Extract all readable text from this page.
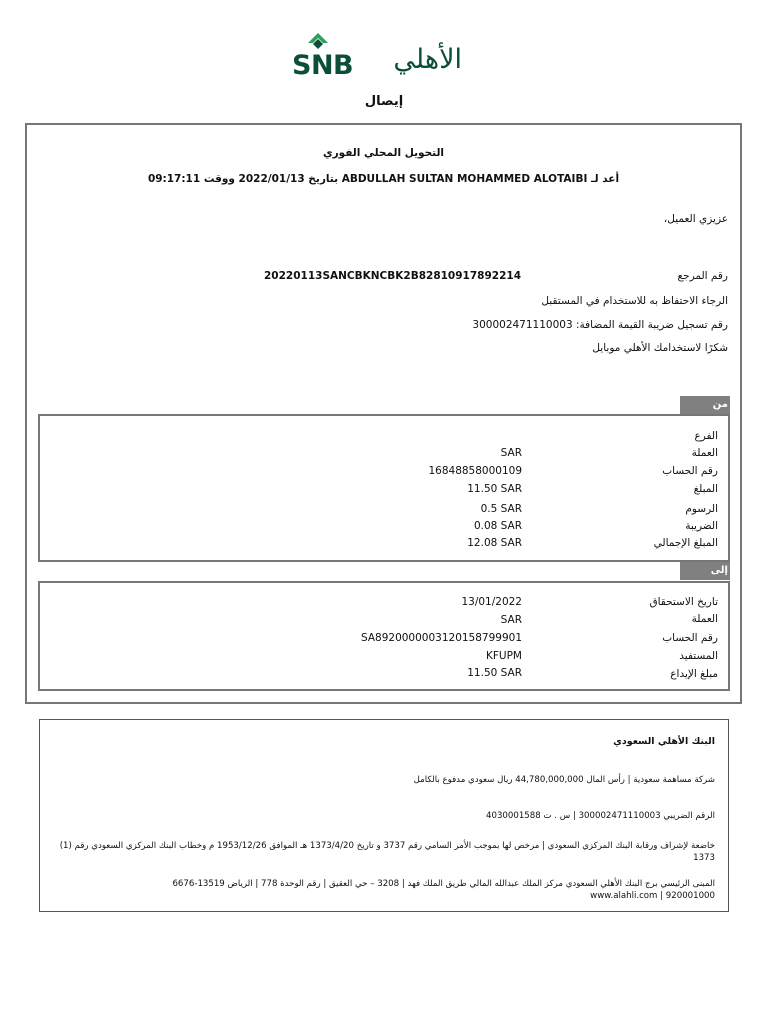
SNB الأهلي
إيصال
التحويل المحلي الفوري
أعد لـ ABDULLAH SULTAN MOHAMMED ALOTAIBI بتاريخ 2022/01/13 ووقت 09:17:11
عزيزي العميل،
رقم المرجع
20220113SANCBKNCBK2B82810917892214
الرجاء الاحتفاظ به للاستخدام في المستقبل
رقم تسجيل ضريبة القيمة المضافة: 300002471110003
شكرًا لاستخدامك الأهلي موبايل
من
الفرع
العملة
SAR
رقم الحساب
16848858000109
المبلغ
11.50 SAR
الرسوم
0.5 SAR
الضريبة
0.08 SAR
المبلغ الإجمالي
12.08 SAR
إلى
تاريخ الاستحقاق
13/01/2022
العملة
SAR
رقم الحساب
SA8920000003120158799901
المستفيد
KFUPM
مبلغ الإيداع
11.50 SAR
البنك الأهلي السعودي
شركة مساهمة سعودية | رأس المال 44,780,000,000 ريال سعودي مدفوع بالكامل
الرقم الضريبي 300002471110003 | س . ت 4030001588
خاضعة لإشراف ورقابة البنك المركزي السعودي | مرخص لها بموجب الأمر السامي رقم 3737 و تاريخ 1373/4/20 هـ الموافق 1953/12/26 م وخطاب البنك المركزي السعودي رقم (1) 1373
المبنى الرئيسي برج البنك الأهلي السعودي مركز الملك عبدالله المالي طريق الملك فهد | 3208 – حي العقيق | رقم الوحدة 778 | الرياض 13519-6676
www.alahli.com | 920001000
